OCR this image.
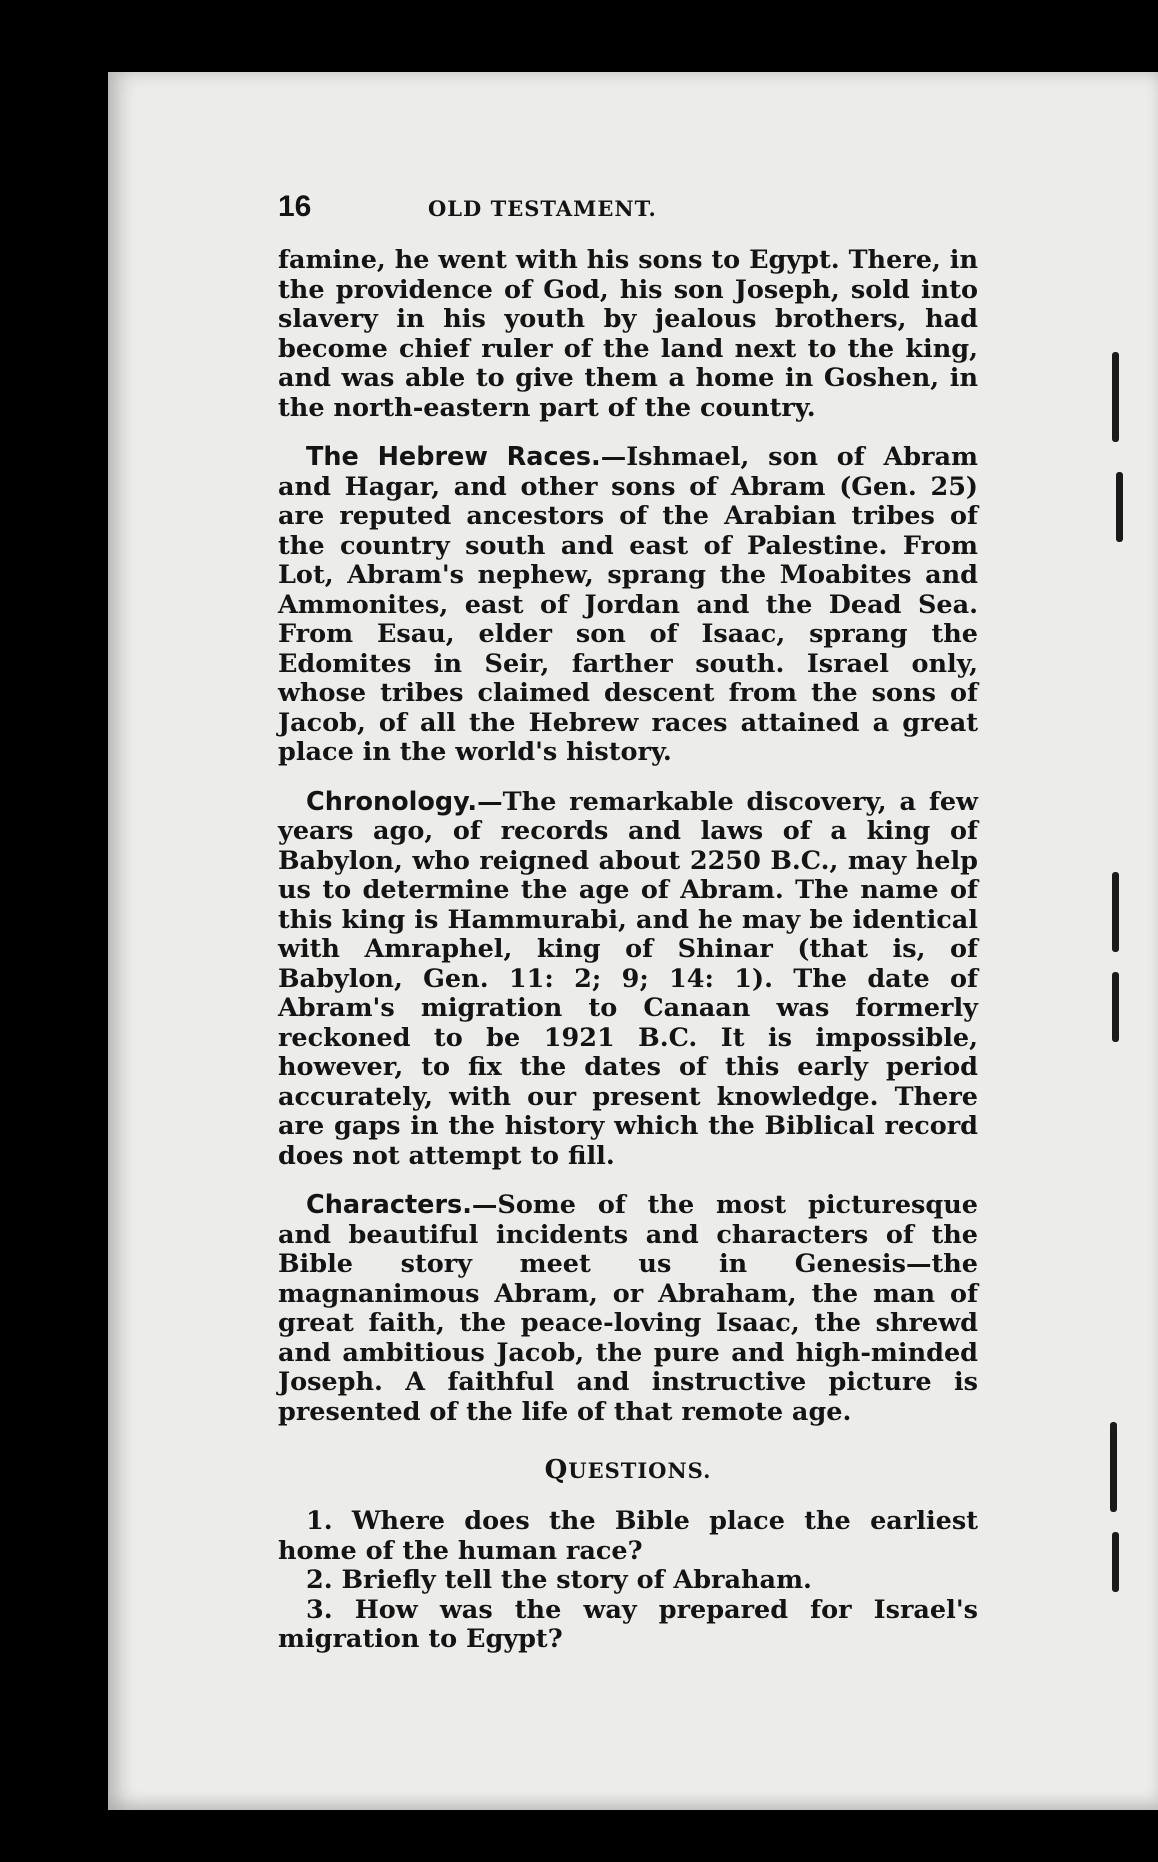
16	OLD TESTAMENT.

famine, he went with his sons to Egypt. There, in the providence of God, his son Joseph, sold into slavery in his youth by jealous brothers, had become chief ruler of the land next to the king, and was able to give them a home in Goshen, in the north-eastern part of the country.

The Hebrew Races.—Ishmael, son of Abram and Hagar, and other sons of Abram (Gen. 25) are reputed ancestors of the Arabian tribes of the country south and east of Palestine. From Lot, Abram's nephew, sprang the Moabites and Ammonites, east of Jordan and the Dead Sea. From Esau, elder son of Isaac, sprang the Edomites in Seir, farther south. Israel only, whose tribes claimed descent from the sons of Jacob, of all the Hebrew races attained a great place in the world's history.

Chronology.—The remarkable discovery, a few years ago, of records and laws of a king of Babylon, who reigned about 2250 B.C., may help us to determine the age of Abram. The name of this king is Hammurabi, and he may be identical with Amraphel, king of Shinar (that is, of Babylon, Gen. 11: 2; 9; 14: 1). The date of Abram's migration to Canaan was formerly reckoned to be 1921 B.C. It is impossible, however, to fix the dates of this early period accurately, with our present knowledge. There are gaps in the history which the Biblical record does not attempt to fill.

Characters.—Some of the most picturesque and beautiful incidents and characters of the Bible story meet us in Genesis—the magnanimous Abram, or Abraham, the man of great faith, the peace-loving Isaac, the shrewd and ambitious Jacob, the pure and high-minded Joseph. A faithful and instructive picture is presented of the life of that remote age.

QUESTIONS.

1. Where does the Bible place the earliest home of the human race?

2. Briefly tell the story of Abraham.

3. How was the way prepared for Israel's migration to Egypt?
